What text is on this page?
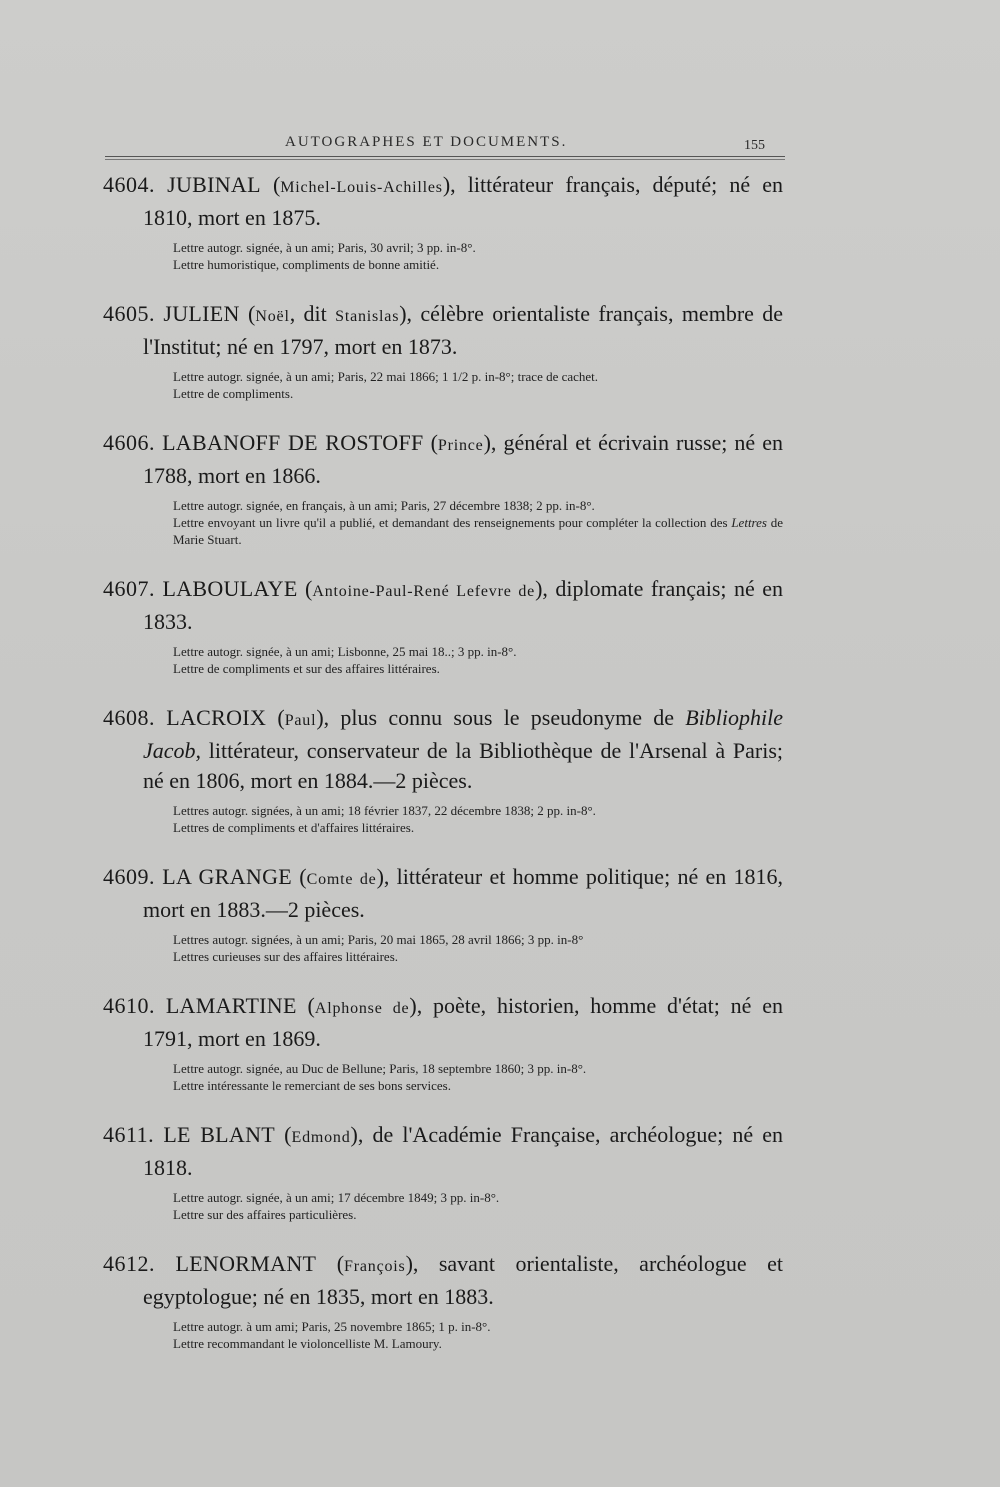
AUTOGRAPHES ET DOCUMENTS.	155

4604. JUBINAL (Michel-Louis-Achilles), littérateur français, député; né en 1810, mort en 1875.

Lettre autogr. signée, à un ami; Paris, 30 avril; 3 pp. in-8°.

Lettre humoristique, compliments de bonne amitié.

4605. JULIEN (Noël, dit Stanislas), célèbre orientaliste français, membre de l'Institut; né en 1797, mort en 1873.

Lettre autogr. signée, à un ami; Paris, 22 mai 1866; 1 1/2 p. in-8°; trace de cachet.

Lettre de compliments.

4606. LABANOFF DE ROSTOFF (Prince), général et écrivain russe; né en 1788, mort en 1866.

Lettre autogr. signée, en français, à un ami; Paris, 27 décembre 1838; 2 pp. in-8°.

Lettre envoyant un livre qu'il a publié, et demandant des renseignements pour compléter la collection des Lettres de Marie Stuart.

4607. LABOULAYE (Antoine-Paul-René Lefevre de), diplomate français; né en 1833.

Lettre autogr. signée, à un ami; Lisbonne, 25 mai 18..; 3 pp. in-8°.

Lettre de compliments et sur des affaires littéraires.

4608. LACROIX (Paul), plus connu sous le pseudonyme de Bibliophile Jacob, littérateur, conservateur de la Bibliothèque de l'Arsenal à Paris; né en 1806, mort en 1884.—2 pièces.

Lettres autogr. signées, à un ami; 18 février 1837, 22 décembre 1838; 2 pp. in-8°.

Lettres de compliments et d'affaires littéraires.

4609. LA GRANGE (Comte de), littérateur et homme politique; né en 1816, mort en 1883.—2 pièces.

Lettres autogr. signées, à un ami; Paris, 20 mai 1865, 28 avril 1866; 3 pp. in-8°

Lettres curieuses sur des affaires littéraires.

4610. LAMARTINE (Alphonse de), poète, historien, homme d'état; né en 1791, mort en 1869.

Lettre autogr. signée, au Duc de Bellune; Paris, 18 septembre 1860; 3 pp. in-8°.

Lettre intéressante le remerciant de ses bons services.

4611. LE BLANT (Edmond), de l'Académie Française, archéologue; né en 1818.

Lettre autogr. signée, à un ami; 17 décembre 1849; 3 pp. in-8°.

Lettre sur des affaires particulières.

4612. LENORMANT (François), savant orientaliste, archéologue et egyptologue; né en 1835, mort en 1883.

Lettre autogr. à um ami; Paris, 25 novembre 1865; 1 p. in-8°.

Lettre recommandant le violoncelliste M. Lamoury.
